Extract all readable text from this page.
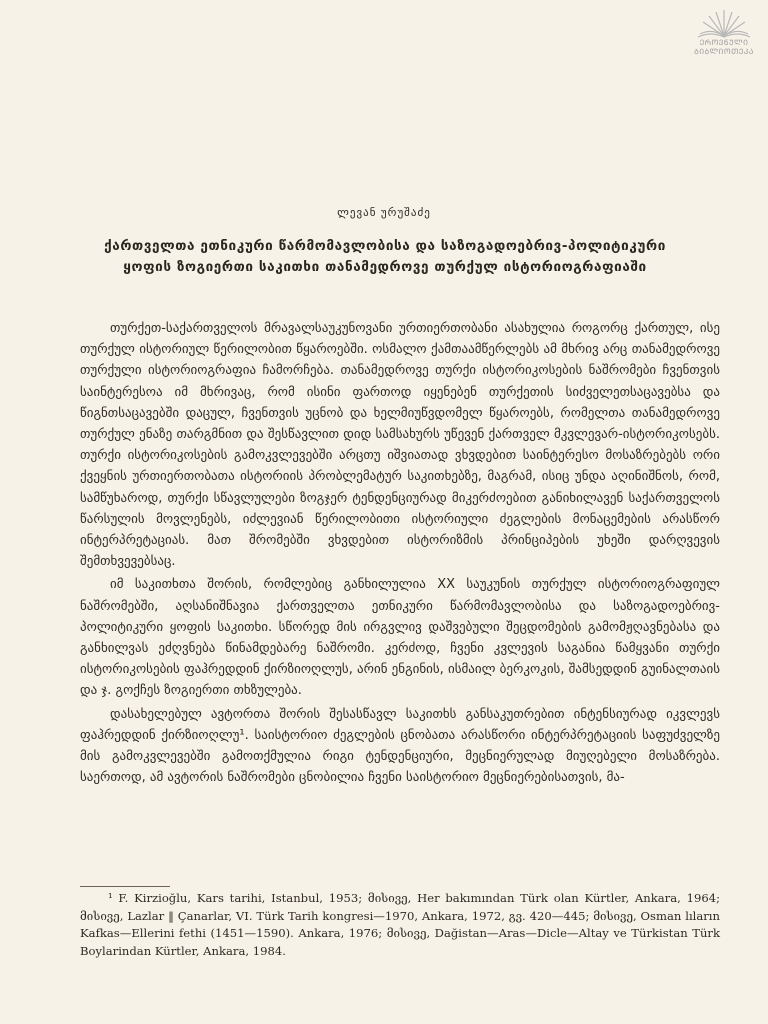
ᲔᲠᲝᲕᲜᲣᲚᲘ
ᲑᲘᲑᲚᲘᲝᲗᲔᲙᲐ
ლევან ურუშაძე
ქართველთა ეთნიკური წარმომავლობისა და საზოგადოებრივ-პოლიტიკური ყოფის ზოგიერთი საკითხი თანამედროვე თურქულ ისტორიოგრაფიაში

თურქეთ-საქართველოს მრავალსაუკუნოვანი ურთიერთობანი ასახულია როგორც ქართულ, ისე თურქულ ისტორიულ წერილობით წყაროებში. ოსმალო ქამთაამწერლებს ამ მხრივ არც თანამედროვე თურქული ისტორიოგრაფია ჩამორჩება. თანამედროვე თურქი ისტორიკოსების ნაშრომები ჩვენთვის საინტერესოა იმ მხრივაც, რომ ისინი ფართოდ იყენებენ თურქეთის სიძველეთსაცავებსა და წიგნთსაცავებში დაცულ, ჩვენთვის უცნობ და ხელმიუწვდომელ წყაროებს, რომელთა თანამედროვე თურქულ ენაზე თარგმნით და შესწავლით დიდ სამსახურს უწევენ ქართველ მკვლევარ-ისტორიკოსებს. თურქი ისტორიკოსების გამოკვლევებში არცთუ იშვიათად ვხვდებით საინტერესო მოსაზრებებს ორი ქვეყნის ურთიერთობათა ისტორიის პრობლემატურ საკითხებზე, მაგრამ, ისიც უნდა აღინიშნოს, რომ, სამწუხაროდ, თურქი სწავლულები ზოგჯერ ტენდენციურად მიკერძოებით განიხილავენ საქართველოს წარსულის მოვლენებს, იძლევიან წერილობითი ისტორიული ძეგლების მონაცემების არასწორ ინტერპრეტაციას. მათ შრომებში ვხვდებით ისტორიზმის პრინციპების უხეში დარღვევის შემთხვევებსაც.

იმ საკითხთა შორის, რომლებიც განხილულია XX საუკუნის თურქულ ისტორიოგრაფიულ ნაშრომებში, აღსანიშნავია ქართველთა ეთნიკური წარმომავლობისა და საზოგადოებრივ-პოლიტიკური ყოფის საკითხი. სწორედ მის ირგვლივ დაშვებული შეცდომების გამომჟღავნებასა და განხილვას ეძღვნება წინამდებარე ნაშრომი. კერძოდ, ჩვენი კვლევის საგანია წამყვანი თურქი ისტორიკოსების ფაჰრედდინ ქირზიოღლუს, არინ ენგინის, ისმაილ ბერკოკის, შამსედდინ გუინალთაის და ჯ. გოქჩეს ზოგიერთი თხზულება.

დასახელებულ ავტორთა შორის შესასწავლ საკითხს განსაკუთრებით ინტენსიურად იკვლევს ფაჰრედდინ ქირზიოღლუ¹. საისტორიო ძეგლების ცნობათა არასწორი ინტერპრეტაციის საფუძველზე მის გამოკვლევებში გამოთქმულია რიგი ტენდენციური, მეცნიერულად მიუღებელი მოსაზრება. საერთოდ, ამ ავტორის ნაშრომები ცნობილია ჩვენი საისტორიო მეცნიერებისათვის, მა-

¹ F. Kirzioğlu, Kars tarihi, Istanbul, 1953; მისივე, Her bakımından Türk olan Kürtler, Ankara, 1964; მისივე, Lazlar ‖ Çanarlar, VI. Türk Tarih kongresi—1970, Ankara, 1972, გვ. 420—445; მისივე, Osman lıların Kafkas—Ellerini fethi (1451—1590). Ankara, 1976; მისივე, Dağistan—Aras—Dicle—Altay ve Türkistan Türk Boylarindan Kürtler, Ankara, 1984.
